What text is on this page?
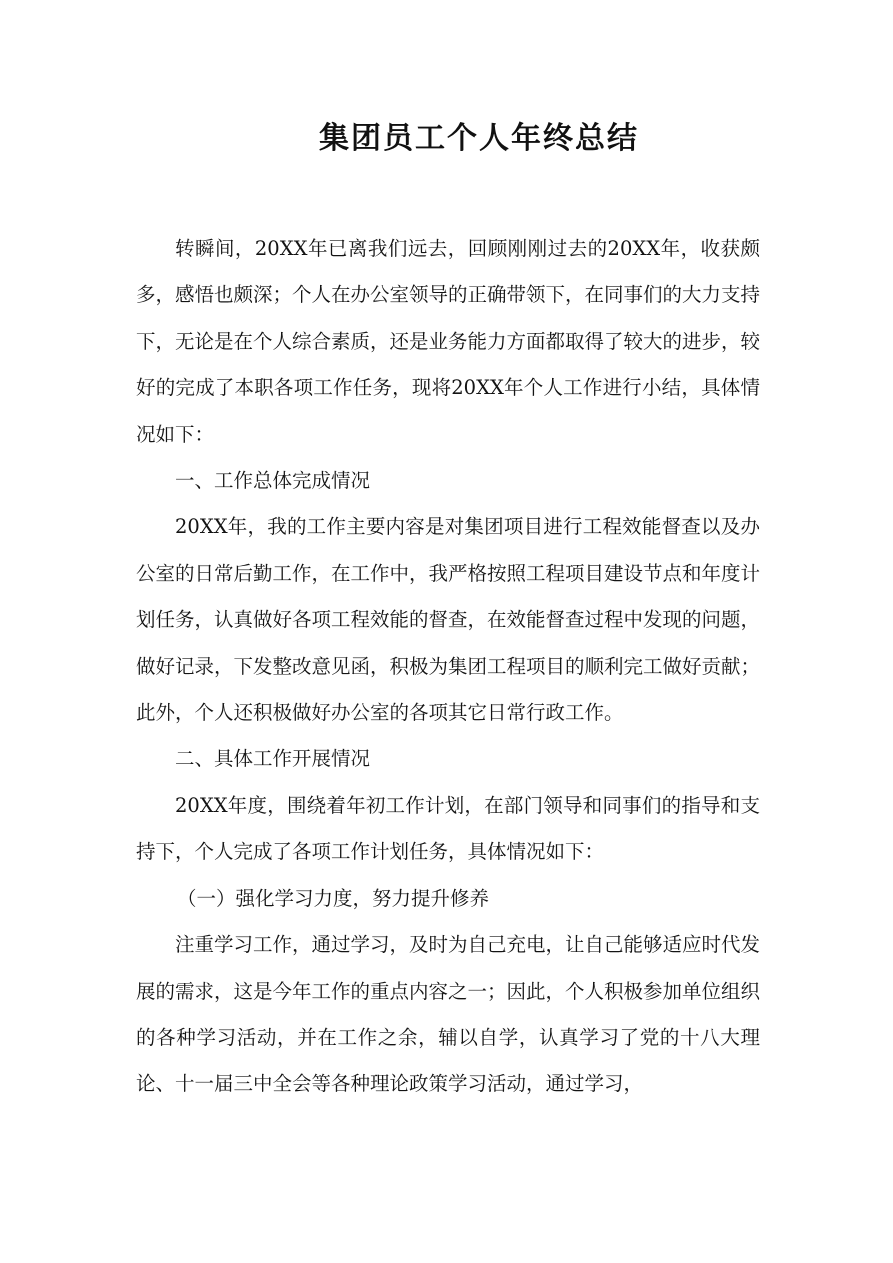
集团员工个人年终总结

转瞬间，20XX年已离我们远去，回顾刚刚过去的20XX年，收获颇多，感悟也颇深；个人在办公室领导的正确带领下，在同事们的大力支持下，无论是在个人综合素质，还是业务能力方面都取得了较大的进步，较好的完成了本职各项工作任务，现将20XX年个人工作进行小结，具体情况如下：

一、工作总体完成情况

20XX年，我的工作主要内容是对集团项目进行工程效能督查以及办公室的日常后勤工作，在工作中，我严格按照工程项目建设节点和年度计划任务，认真做好各项工程效能的督查，在效能督查过程中发现的问题，做好记录，下发整改意见函，积极为集团工程项目的顺利完工做好贡献；此外，个人还积极做好办公室的各项其它日常行政工作。

二、具体工作开展情况

20XX年度，围绕着年初工作计划，在部门领导和同事们的指导和支持下，个人完成了各项工作计划任务，具体情况如下：

（一）强化学习力度，努力提升修养

注重学习工作，通过学习，及时为自己充电，让自己能够适应时代发展的需求，这是今年工作的重点内容之一；因此，个人积极参加单位组织的各种学习活动，并在工作之余，辅以自学，认真学习了党的十八大理论、十一届三中全会等各种理论政策学习活动，通过学习，
